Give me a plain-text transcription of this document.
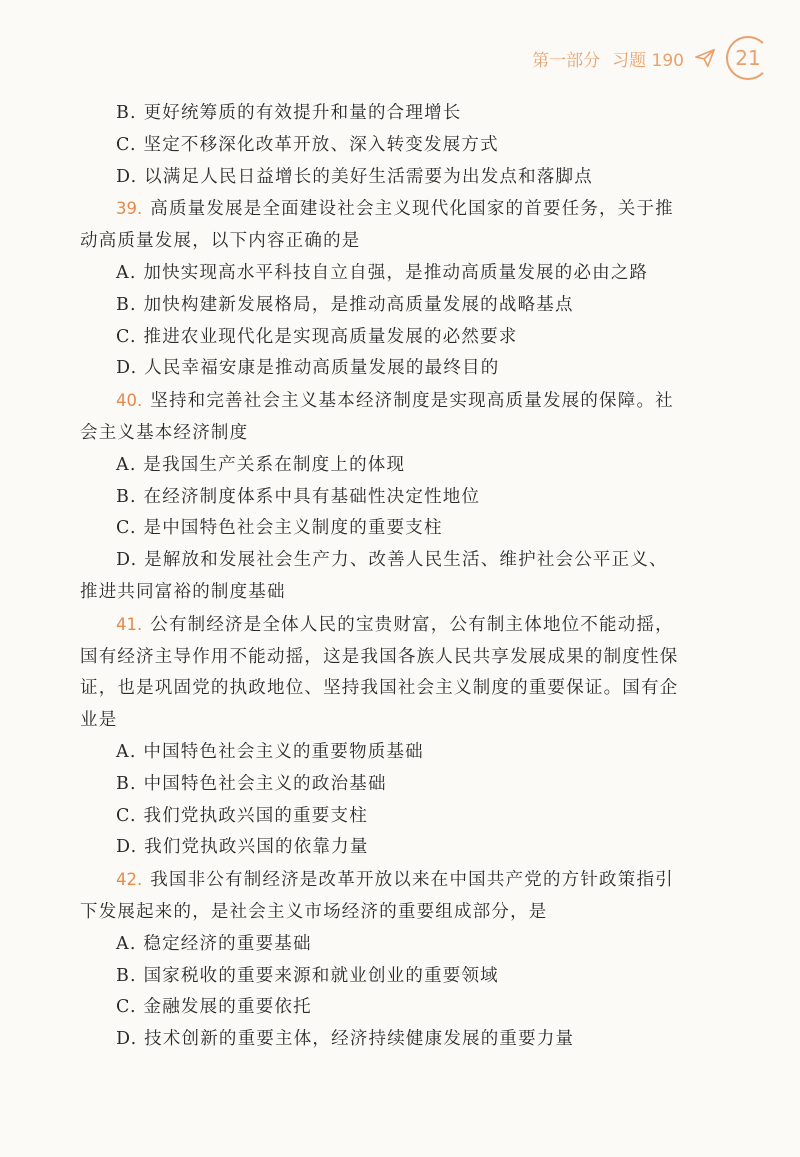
第一部分 习题 190	21
B. 更好统筹质的有效提升和量的合理增长
C. 坚定不移深化改革开放、深入转变发展方式
D. 以满足人民日益增长的美好生活需要为出发点和落脚点
39. 高质量发展是全面建设社会主义现代化国家的首要任务，关于推
动高质量发展，以下内容正确的是
A. 加快实现高水平科技自立自强，是推动高质量发展的必由之路
B. 加快构建新发展格局，是推动高质量发展的战略基点
C. 推进农业现代化是实现高质量发展的必然要求
D. 人民幸福安康是推动高质量发展的最终目的
40. 坚持和完善社会主义基本经济制度是实现高质量发展的保障。社
会主义基本经济制度
A. 是我国生产关系在制度上的体现
B. 在经济制度体系中具有基础性决定性地位
C. 是中国特色社会主义制度的重要支柱
D. 是解放和发展社会生产力、改善人民生活、维护社会公平正义、
推进共同富裕的制度基础
41. 公有制经济是全体人民的宝贵财富，公有制主体地位不能动摇，
国有经济主导作用不能动摇，这是我国各族人民共享发展成果的制度性保
证，也是巩固党的执政地位、坚持我国社会主义制度的重要保证。国有企
业是
A. 中国特色社会主义的重要物质基础
B. 中国特色社会主义的政治基础
C. 我们党执政兴国的重要支柱
D. 我们党执政兴国的依靠力量
42. 我国非公有制经济是改革开放以来在中国共产党的方针政策指引
下发展起来的，是社会主义市场经济的重要组成部分，是
A. 稳定经济的重要基础
B. 国家税收的重要来源和就业创业的重要领域
C. 金融发展的重要依托
D. 技术创新的重要主体，经济持续健康发展的重要力量
